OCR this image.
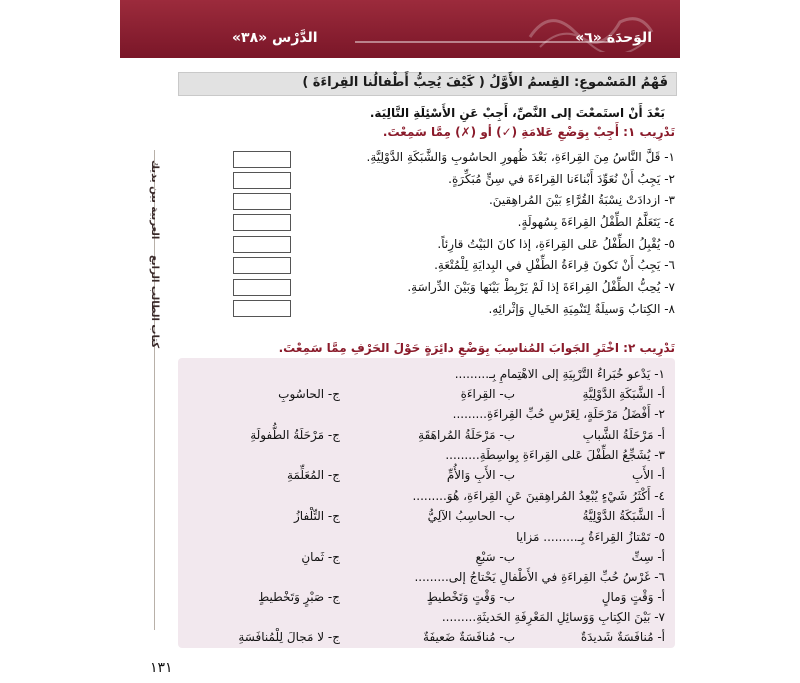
الوَحدَة «٦»
الدَّرْس «٣٨»
العربية بين يديك
كتاب الطالب الرابع
فَهْمُ المَسْموعِ: القِسمُ الأَوَّلُ ( كَيْفَ يُحِبُّ أَطْفالُنا القِراءَةَ )
بَعْدَ أَنْ استَمعْتَ إلى النَّصِّ، أَجِبْ عَنِ الأَسْئِلَةِ التَّالِيَة.
تَدْرِيب ١: أَجِبْ بِوَضْعِ عَلامَةِ (✓) أو (✗) مِمَّا سَمِعْتَ.
١- قَلَّ النَّاسُ مِنَ القِراءَةِ، بَعْدَ ظُهورِ الحاسُوبِ وَالشَّبَكَةِ الدَّوْلِيَّةِ.
٢- يَجِبُ أَنْ نُعَوِّدَ أَبْناءَنا القِراءَةَ في سِنٍّ مُبَكِّرَةٍ.
٣- ازدادَتْ نِسْبَةُ القُرَّاءِ بَيْنَ المُراهِقينَ.
٤- يَتَعَلَّمُ الطِّفْلُ القِراءَةَ بِسُهولَةٍ.
٥- يُقْبِلُ الطِّفْلُ عَلى القِراءَةِ، إذا كانَ البَيْتُ قارِئاً.
٦- يَجِبُ أَنْ تَكونَ قِراءَةُ الطِّفْلِ في البِدايَةِ لِلْمُتْعَةِ.
٧- يُحِبُّ الطِّفْلُ القِراءَةَ إذا لَمْ يَرْبِطْ بَيْنَها وَبَيْنَ الدِّراسَةِ.
٨- الكِتابُ وَسيلَةٌ لِتَنْمِيَةِ الخَيالِ وَإثْرائِهِ.
تَدْرِيب ٢: اخْتَرِ الجَوابَ المُناسِبَ بِوَضْعِ دائِرَةٍ حَوْلَ الحَرْفِ مِمَّا سَمِعْتَ.
١- يَدْعو خُبَراءُ التَّرْبِيَةِ إلى الاهْتِمامِ بِـ.........
أ- الشَّبَكَةِ الدَّوْلِيَّةِ
ب- القِراءَةِ
ج- الحاسُوبِ
٢- أَفْضَلُ مَرْحَلَةٍ، لِغَرْسِ حُبِّ القِراءَةِ.........
أ- مَرْحَلَةُ الشَّبابِ
ب- مَرْحَلَةُ المُراهَقَةِ
ج- مَرْحَلَةُ الطُّفولَةِ
٣- يُشَجِّعُ الطِّفْلَ عَلى القِراءَةِ بِواسِطَةِ.........
أ- الأَبِ
ب- الأَبِ وَالأُمِّ
ج- المُعَلِّمَةِ
٤- أَكْثَرُ شَيْءٍ يُبْعِدُ المُراهِقينَ عَنِ القِراءَةِ، هُوَ.........
أ- الشَّبَكَةُ الدَّوْلِيَّةُ
ب- الحاسِبُ الآلِيُّ
ج- التِّلْفازُ
٥- تَمْتازُ القِراءَةُ بِـ......... مَزايا
أ- سِتِّ
ب- سَبْعِ
ج- ثَمانِ
٦- غَرْسُ حُبِّ القِراءَةِ في الأَطْفالِ يَحْتاجُ إلى.........
أ- وَقْتٍ وَمالٍ
ب- وَقْتٍ وَتَخْطيطٍ
ج- صَبْرٍ وَتَخْطيطٍ
٧- بَيْنَ الكِتابِ وَوَسائِلِ المَعْرِفَةِ الحَديثَةِ.........
أ- مُنافَسَةٌ شَديدَةٌ
ب- مُنافَسَةٌ ضَعيفَةٌ
ج- لا مَجالَ لِلْمُنافَسَةِ
١٣١
